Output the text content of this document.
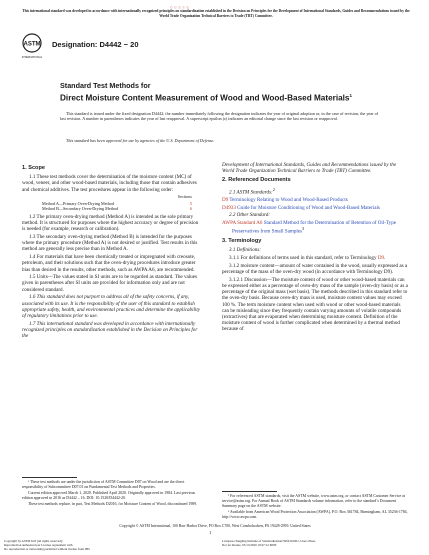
© © © © ©
This international standard was developed in accordance with internationally recognized principles on standardization established in the Decision on Principles for the Development of International Standards, Guides and Recommendations issued by the World Trade Organization Technical Barriers to Trade (TBT) Committee.
ASTM
INTERNATIONAL
Designation: D4442 − 20
Standard Test Methods for
Direct Moisture Content Measurement of Wood and Wood-Based Materials$^1$
This standard is issued under the fixed designation D4442; the number immediately following the designation indicates the year of original adoption or, in the case of revision, the year of last revision. A number in parentheses indicates the year of last reapproval. A superscript epsilon (ε) indicates an editorial change since the last revision or reapproval.
This standard has been approved for use by agencies of the U.S. Department of Defense.

1. Scope

1.1 These test methods cover the determination of the moisture content (MC) of wood, veneer, and other wood-based materials, including those that contain adhesives and chemical additives. The test procedures appear in the following order:

Sections
Method A—Primary Oven-Drying Method	5
Method B—Secondary Oven-Drying Method	6

1.2 The primary oven-drying method (Method A) is intended as the sole primary method. It is structured for purposes where the highest accuracy or degree of precision is needed (for example, research or calibration).

1.3 The secondary oven-drying method (Method B) is intended for the purposes where the primary procedure (Method A) is not desired or justified. Test results in this method are generally less precise than in Method A.

1.4 For materials that have been chemically treated or impregnated with creosote, petroleum, and their solutions such that the oven-drying procedures introduce greater bias than desired in the results, other methods, such as AWPA A6, are recommended.

1.5 Units—The values stated in SI units are to be regarded as standard. The values given in parentheses after SI units are provided for information only and are not considered standard.

1.6 This standard does not purport to address all of the safety concerns, if any, associated with its use. It is the responsibility of the user of this standard to establish appropriate safety, health, and environmental practices and determine the applicability of regulatory limitations prior to use.

1.7 This international standard was developed in accordance with internationally recognized principles on standardization established in the Decision on Principles for the

Development of International Standards, Guides and Recommendations issued by the World Trade Organization Technical Barriers to Trade (TBT) Committee.

2. Referenced Documents

2.1 ASTM Standards:$^2$

D9 Terminology Relating to Wood and Wood-Based Products

D4933 Guide for Moisture Conditioning of Wood and Wood-Based Materials

2.2 Other Standard:

AWPA Standard A6 Standard Method for the Determination of Retention of Oil-Type Preservatives from Small Samples$^3$

3. Terminology

3.1 Definitions:

3.1.1 For definitions of terms used in this standard, refer to Terminology D9.

3.1.2 moisture content—amount of water contained in the wood, usually expressed as a percentage of the mass of the oven-dry wood (in accordance with Terminology D9).

3.1.2.1 Discussion—The moisture content of wood or other wood-based materials can be expressed either as a percentage of oven-dry mass of the sample (oven-dry basis) or as a percentage of the original mass (wet basis). The methods described in this standard refer to the oven-dry basis. Because oven-dry mass is used, moisture content values may exceed 100 %. The term moisture content when used with wood or other wood-based materials can be misleading since they frequently contain varying amounts of volatile compounds (extractives) that are evaporated when determining moisture content. Definition of the moisture content of wood is further complicated when determined by a thermal method because of

¹ These test methods are under the jurisdiction of ASTM Committee D07 on Wood and are the direct responsibility of Subcommittee D07.01 on Fundamental Test Methods and Properties.

Current edition approved March 1, 2020. Published April 2020. Originally approved in 1984. Last previous edition approved in 2016 as D4442 – 16. DOI: 10.1520/D4442-20.

These test methods replace, in part, Test Methods D2016, for Moisture Content of Wood, discontinued 1989.

² For referenced ASTM standards, visit the ASTM website, www.astm.org, or contact ASTM Customer Service at service@astm.org. For Annual Book of ASTM Standards volume information, refer to the standard’s Document Summary page on the ASTM website.

³ Available from American Wood Protection Association (AWPA), P.O. Box 361784, Birmingham, AL 35236-1784, http://www.awpa.com.

Copyright © ASTM International, 100 Barr Harbor Drive, PO Box C700, West Conshohocken, PA 19428-2959. United States
1
Copyright by ASTM Int'l (all rights reserved);
Reproduction authorized per License Agreement with
No reproduction or networking permitted without license from IHS
Licensee=Tongling Institute of Standardization/5956116001, User=Zhou,
Not for Resale, 05/13/2020 19:47:12 MDT
